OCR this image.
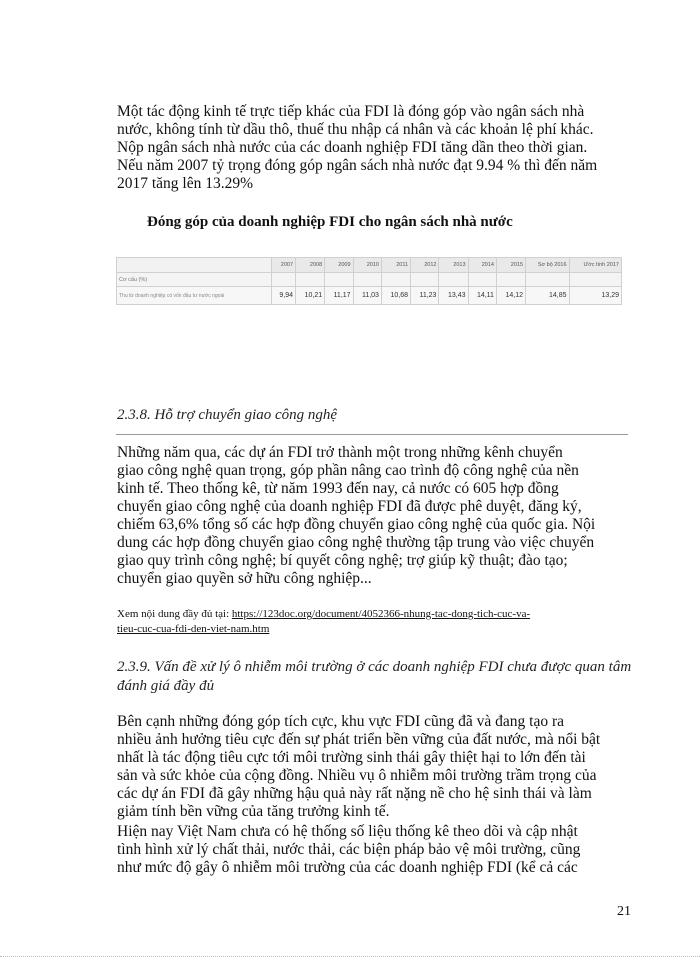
Một tác động kinh tế trực tiếp khác của FDI là đóng góp vào ngân sách nhà
nước, không tính từ dầu thô, thuế thu nhập cá nhân và các khoản lệ phí khác.
Nộp ngân sách nhà nước của các doanh nghiệp FDI tăng dần theo thời gian.
Nếu năm 2007 tỷ trọng đóng góp ngân sách nhà nước đạt 9.94 % thì đến năm
2017 tăng lên 13.29%
Đóng góp của doanh nghiệp FDI cho ngân sách nhà nước
	2007	2008	2009	2010	2011	2012	2013	2014	2015	Sơ bộ 2016	Ước tính 2017
Cơ cấu (%)											
Thu từ doanh nghiệp có vốn đầu tư nước ngoài	9,94	10,21	11,17	11,03	10,68	11,23	13,43	14,11	14,12	14,85	13,29
2.3.8. Hỗ trợ chuyển giao công nghệ
Những năm qua, các dự án FDI trở thành một trong những kênh chuyển
giao công nghệ quan trọng, góp phần nâng cao trình độ công nghệ của nền
kinh tế. Theo thống kê, từ năm 1993 đến nay, cả nước có 605 hợp đồng
chuyển giao công nghệ của doanh nghiệp FDI đã được phê duyệt, đăng ký,
chiếm 63,6% tổng số các hợp đồng chuyển giao công nghệ của quốc gia. Nội
dung các hợp đồng chuyển giao công nghệ thường tập trung vào việc chuyển
giao quy trình công nghệ; bí quyết công nghệ; trợ giúp kỹ thuật; đào tạo;
chuyển giao quyền sở hữu công nghiệp...
Xem nội dung đầy đủ tại: https://123doc.org/document/4052366-nhung-tac-dong-tich-cuc-va-
tieu-cuc-cua-fdi-den-viet-nam.htm
2.3.9. Vấn đề xử lý ô nhiễm môi trường ở các doanh nghiệp FDI chưa được quan tâm đánh giá đầy đủ
Bên cạnh những đóng góp tích cực, khu vực FDI cũng đã và đang tạo ra
nhiều ảnh hưởng tiêu cực đến sự phát triển bền vững của đất nước, mà nổi bật
nhất là tác động tiêu cực tới môi trường sinh thái gây thiệt hại to lớn đến tài
sản và sức khỏe của cộng đồng. Nhiều vụ ô nhiễm môi trường trầm trọng của
các dự án FDI đã gây những hậu quả này rất nặng nề cho hệ sinh thái và làm
giảm tính bền vững của tăng trưởng kinh tế.
Hiện nay Việt Nam chưa có hệ thống số liệu thống kê theo dõi và cập nhật
tình hình xử lý chất thải, nước thải, các biện pháp bảo vệ môi trường, cũng
như mức độ gây ô nhiễm môi trường của các doanh nghiệp FDI (kể cả các
21
